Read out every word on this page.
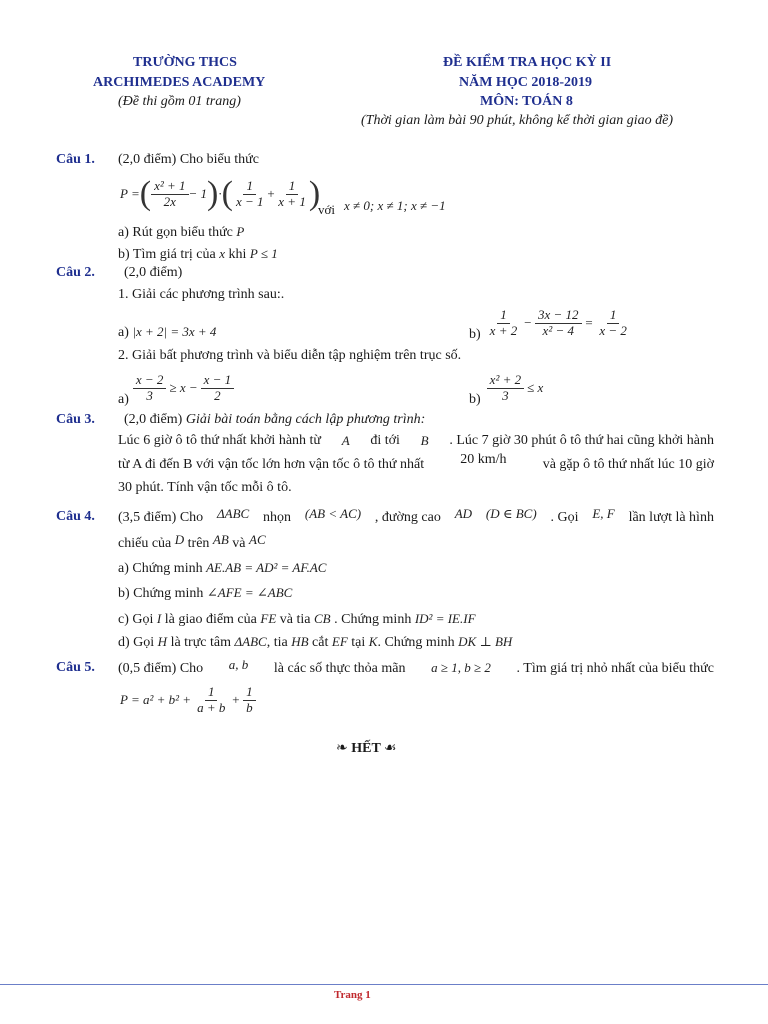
TRƯỜNG THCS
ARCHIMEDES ACADEMY
(Đề thi gồm 01 trang)
ĐỀ KIỂM TRA HỌC KỲ II
NĂM HỌC 2018-2019
MÔN: TOÁN 8
(Thời gian làm bài 90 phút, không kể thời gian giao đề)
Câu 1. (2,0 điểm) Cho biểu thức
P = ( $\frac{\text{x² + 1}}{2x} - 1$ ) · ( $\frac{1}{x - 1} + \frac{1}{x + 1}$ )
với x ≠ 0; x ≠ 1; x ≠ −1
a) Rút gọn biểu thức P
b) Tìm giá trị của x khi P ≤ 1
Câu 2. (2,0 điểm)
1. Giải các phương trình sau:.
a) |x + 2| = 3x + 4	$b) \frac{1}{x + 2} - \frac{3x - 12}{\text{x² − 4}} = \frac{1}{x - 2}$
2. Giải bất phương trình và biểu diễn tập nghiệm trên trục số.
$a) \frac{x - 2}{3} \ge x - \frac{x - 1}{2}$	$b) \frac{\text{x² + 2}}{3} \le x$
Câu 3. (2,0 điểm) Giải bài toán bằng cách lập phương trình:
Lúc 6 giờ ô tô thứ nhất khởi hành từ A đi tới B . Lúc 7 giờ 30 phút ô tô thứ hai cũng khởi hành
từ A đi đến B với vận tốc lớn hơn vận tốc ô tô thứ nhất	20 km/h	và gặp ô tô thứ nhất lúc 10 giờ
30 phút. Tính vận tốc mỗi ô tô.
Câu 4. (3,5 điểm) Cho ΔABC nhọn (AB < AC) , đường cao AD (D ∈ BC) . Gọi E, F lần lượt là hình
chiếu của D trên AB và AC
a) Chứng minh AE.AB = AD² = AF.AC
b) Chứng minh ∠AFE = ∠ABC
c) Gọi I là giao điểm của FE và tia CB . Chứng minh ID² = IE.IF
d) Gọi H là trực tâm ΔABC, tia HB cắt EF tại K. Chứng minh DK ⊥ BH
Câu 5. (0,5 điểm) Cho a, b là các số thực thỏa mãn a ≥ 1, b ≥ 2 . Tìm giá trị nhỏ nhất của biểu thức
$P = a^2 + b^2 + \frac{1}{a + b} + \frac{1}{b}$
❧ HẾT ☙
Trang 1
